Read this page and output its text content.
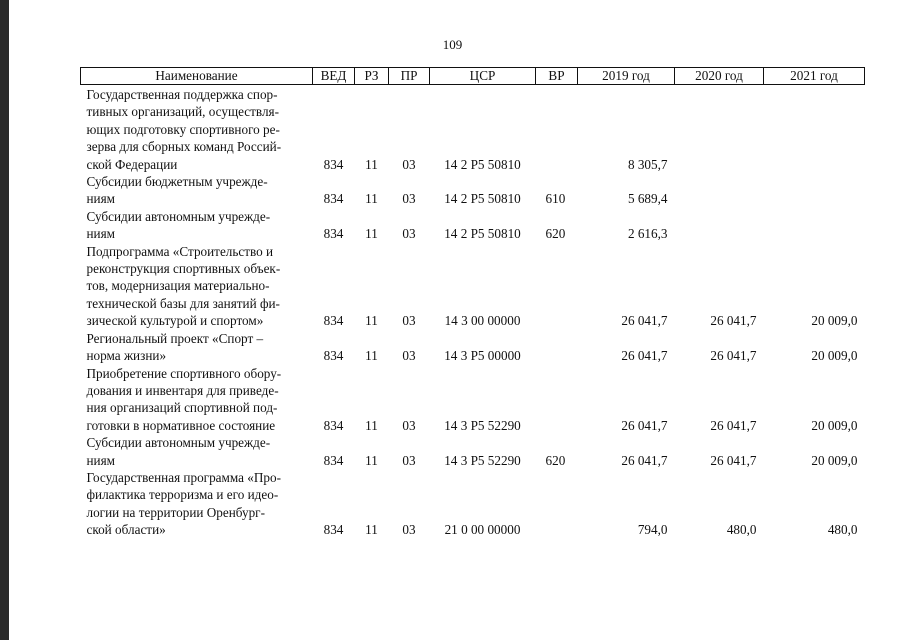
109
Наименование	ВЕД	РЗ	ПР	ЦСР	ВР	2019 год	2020 год	2021 год

Государственная поддержка спор-
тивных организаций, осуществля-
ющих подготовку спортивного ре-
зерва для сборных команд Россий-
ской Федерации	834	11	03	14 2 Р5 50810		8 305,7		

Субсидии бюджетным учрежде-
ниям	834	11	03	14 2 Р5 50810	610	5 689,4		

Субсидии автономным учрежде-
ниям	834	11	03	14 2 Р5 50810	620	2 616,3		

Подпрограмма «Строительство и
реконструкция спортивных объек-
тов, модернизация материально-
технической базы для занятий фи-
зической культурой и спортом»	834	11	03	14 3 00 00000		26 041,7	26 041,7	20 009,0

Региональный проект «Спорт –
норма жизни»	834	11	03	14 3 Р5 00000		26 041,7	26 041,7	20 009,0

Приобретение спортивного обору-
дования и инвентаря для приведе-
ния организаций спортивной под-
готовки в нормативное состояние	834	11	03	14 3 Р5 52290		26 041,7	26 041,7	20 009,0

Субсидии автономным учрежде-
ниям	834	11	03	14 3 Р5 52290	620	26 041,7	26 041,7	20 009,0

Государственная программа «Про-
филактика терроризма и его идео-
логии на территории Оренбург-
ской области»	834	11	03	21 0 00 00000		794,0	480,0	480,0
